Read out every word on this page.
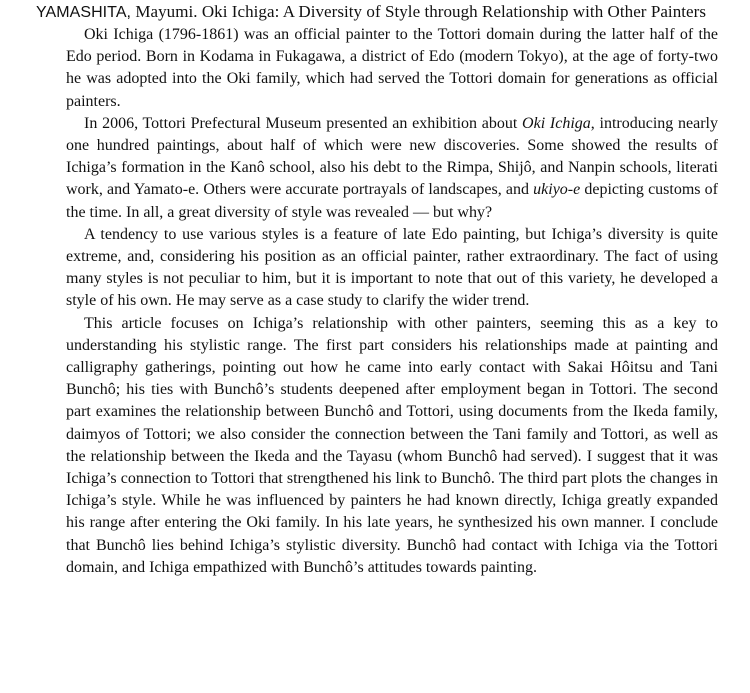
YAMASHITA, Mayumi. Oki Ichiga: A Diversity of Style through Relationship with Other Painters

Oki Ichiga (1796-1861) was an official painter to the Tottori domain during the latter half of the Edo period. Born in Kodama in Fukagawa, a district of Edo (modern Tokyo), at the age of forty-two he was adopted into the Oki family, which had served the Tottori domain for generations as official painters.

In 2006, Tottori Prefectural Museum presented an exhibition about Oki Ichiga, introducing nearly one hundred paintings, about half of which were new discoveries. Some showed the results of Ichiga’s formation in the Kanô school, also his debt to the Rimpa, Shijô, and Nanpin schools, literati work, and Yamato-e. Others were accurate portrayals of landscapes, and ukiyo-e depicting customs of the time. In all, a great diversity of style was revealed — but why?

A tendency to use various styles is a feature of late Edo painting, but Ichiga’s diversity is quite extreme, and, considering his position as an official painter, rather extraordinary. The fact of using many styles is not peculiar to him, but it is important to note that out of this variety, he developed a style of his own. He may serve as a case study to clarify the wider trend.

This article focuses on Ichiga’s relationship with other painters, seeming this as a key to understanding his stylistic range. The first part considers his relationships made at painting and calligraphy gatherings, pointing out how he came into early contact with Sakai Hôitsu and Tani Bunchô; his ties with Bunchô’s students deepened after employment began in Tottori. The second part examines the relationship between Bunchô and Tottori, using documents from the Ikeda family, daimyos of Tottori; we also consider the connection between the Tani family and Tottori, as well as the relationship between the Ikeda and the Tayasu (whom Bunchô had served). I suggest that it was Ichiga’s connection to Tottori that strengthened his link to Bunchô. The third part plots the changes in Ichiga’s style. While he was influenced by painters he had known directly, Ichiga greatly expanded his range after entering the Oki family. In his late years, he synthesized his own manner. I conclude that Bunchô lies behind Ichiga’s stylistic diversity. Bunchô had contact with Ichiga via the Tottori domain, and Ichiga empathized with Bunchô’s attitudes towards painting.
